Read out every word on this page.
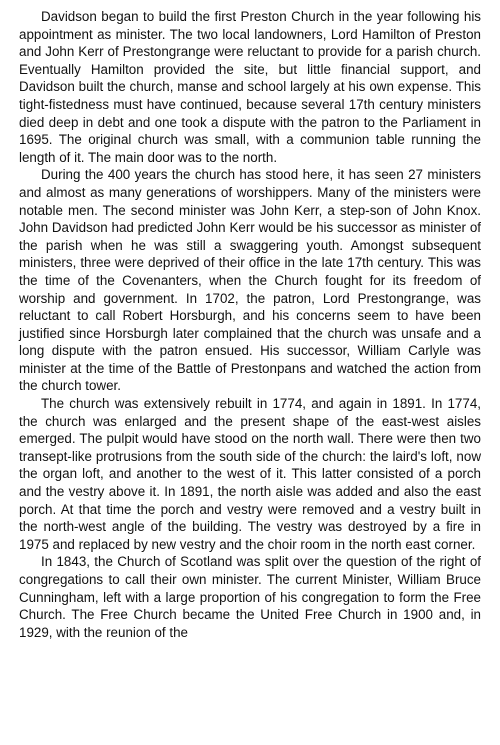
Davidson began to build the first Preston Church in the year following his appointment as minister. The two local landowners, Lord Hamilton of Preston and John Kerr of Prestongrange were reluctant to provide for a parish church. Eventually Hamilton provided the site, but little financial support, and Davidson built the church, manse and school largely at his own expense. This tight-fistedness must have continued, because several 17th century ministers died deep in debt and one took a dispute with the patron to the Parliament in 1695. The original church was small, with a communion table running the length of it. The main door was to the north.

During the 400 years the church has stood here, it has seen 27 ministers and almost as many generations of worshippers. Many of the ministers were notable men. The second minister was John Kerr, a step-son of John Knox. John Davidson had predicted John Kerr would be his successor as minister of the parish when he was still a swaggering youth. Amongst subsequent ministers, three were deprived of their office in the late 17th century. This was the time of the Covenanters, when the Church fought for its freedom of worship and government. In 1702, the patron, Lord Prestongrange, was reluctant to call Robert Horsburgh, and his concerns seem to have been justified since Horsburgh later complained that the church was unsafe and a long dispute with the patron ensued. His successor, William Carlyle was minister at the time of the Battle of Prestonpans and watched the action from the church tower.

The church was extensively rebuilt in 1774, and again in 1891. In 1774, the church was enlarged and the present shape of the east-west aisles emerged. The pulpit would have stood on the north wall. There were then two transept-like protrusions from the south side of the church: the laird's loft, now the organ loft, and another to the west of it. This latter consisted of a porch and the vestry above it. In 1891, the north aisle was added and also the east porch. At that time the porch and vestry were removed and a vestry built in the north-west angle of the building. The vestry was destroyed by a fire in 1975 and replaced by new vestry and the choir room in the north east corner.

In 1843, the Church of Scotland was split over the question of the right of congregations to call their own minister. The current Minister, William Bruce Cunningham, left with a large proportion of his congregation to form the Free Church. The Free Church became the United Free Church in 1900 and, in 1929, with the reunion of the
